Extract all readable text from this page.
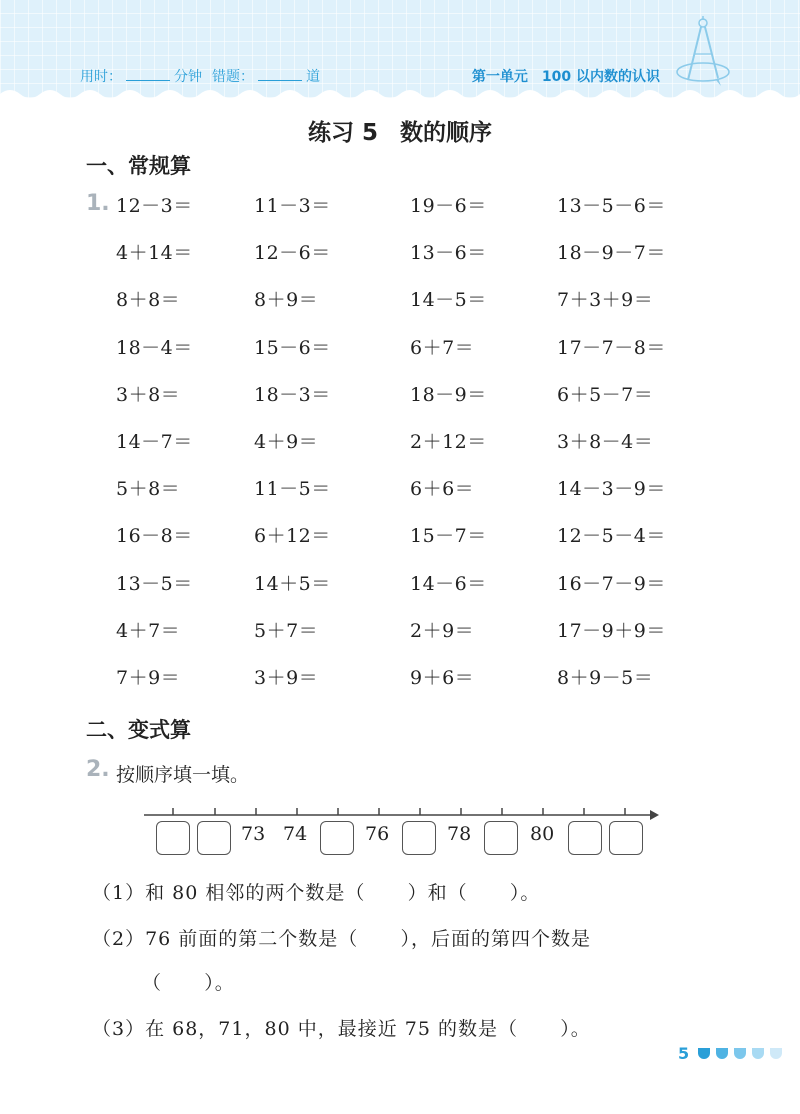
用时：	分钟 错题：	道	第一单元 100 以内数的认识
练习 5 数的顺序
一、常规算
1. 12－3＝	11－3＝	19－6＝	13－5－6＝
4＋14＝	12－6＝	13－6＝	18－9－7＝
8＋8＝	8＋9＝	14－5＝	7＋3＋9＝
18－4＝	15－6＝	6＋7＝	17－7－8＝
3＋8＝	18－3＝	18－9＝	6＋5－7＝
14－7＝	4＋9＝	2＋12＝	3＋8－4＝
5＋8＝	11－5＝	6＋6＝	14－3－9＝
16－8＝	6＋12＝	15－7＝	12－5－4＝
13－5＝	14＋5＝	14－6＝	16－7－9＝
4＋7＝	5＋7＝	2＋9＝	17－9＋9＝
7＋9＝	3＋9＝	9＋6＝	8＋9－5＝
二、变式算
2. 按顺序填一填。
73 74	76	78	80
（1）和 80 相邻的两个数是（      ）和（      ）。
（2）76 前面的第二个数是（      ），后面的第四个数是
（      ）。
（3）在 68，71，80 中，最接近 75 的数是（      ）。
5
